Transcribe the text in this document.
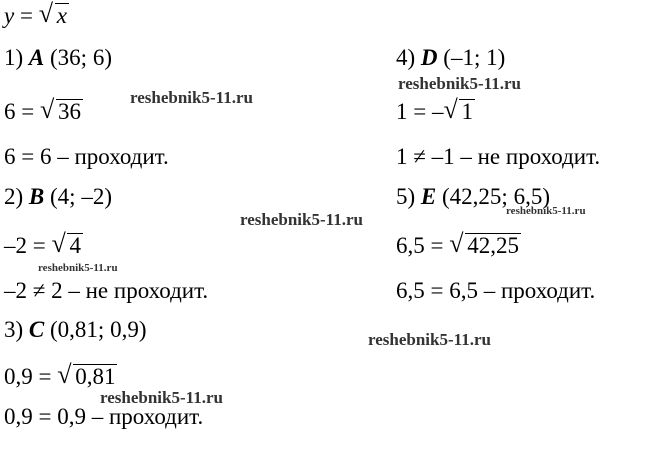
y = √ x
1) A (36; 6)
6 = √ 36
6 = 6 – проходит.
2) B (4; –2)
–2 = √ 4
–2 ≠ 2 – не проходит.
3) C (0,81; 0,9)
0,9 = √ 0,81
0,9 = 0,9 – проходит.
4) D (–1; 1)
1 = – √ 1
1 ≠ –1 – не проходит.
5) E (42,25; 6,5)
6,5 = √ 42,25
6,5 = 6,5 – проходит.
reshebnik5-11.ru
reshebnik5-11.ru
reshebnik5-11.ru	reshebnik5-11.ru
reshebnik5-11.ru
reshebnik5-11.ru
reshebnik5-11.ru
